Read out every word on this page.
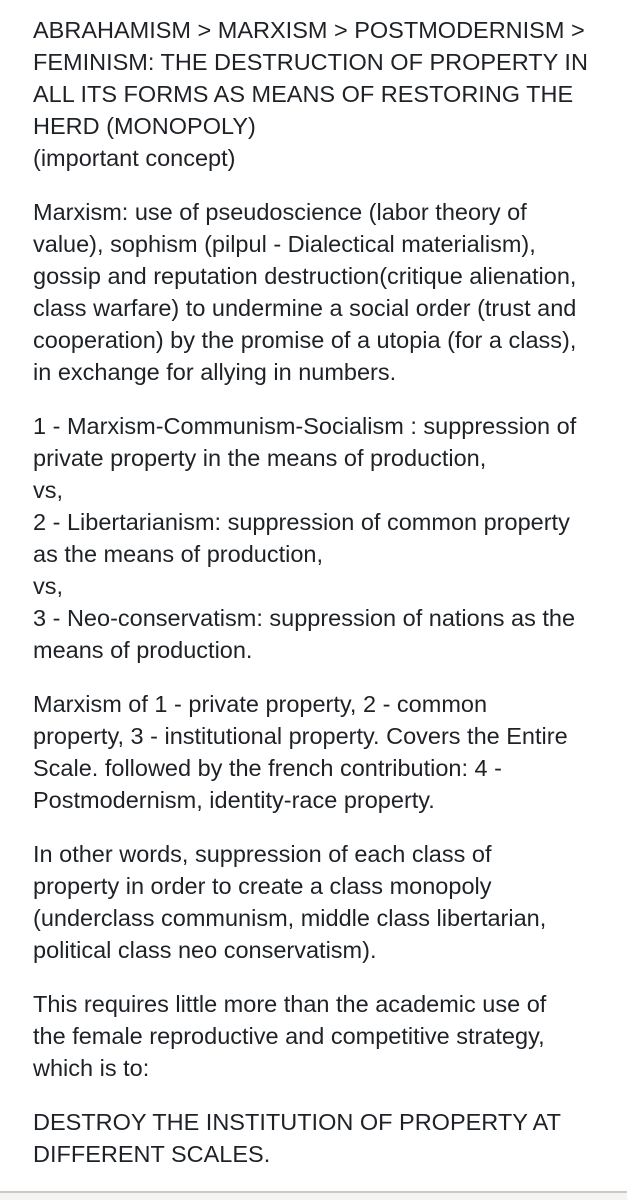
ABRAHAMISM > MARXISM > POSTMODERNISM >
FEMINISM: THE DESTRUCTION OF PROPERTY IN
ALL ITS FORMS AS MEANS OF RESTORING THE
HERD (MONOPOLY)
(important concept)
Marxism: use of pseudoscience (labor theory of
value), sophism (pilpul - Dialectical materialism),
gossip and reputation destruction(critique alienation,
class warfare) to undermine a social order (trust and
cooperation) by the promise of a utopia (for a class),
in exchange for allying in numbers.
1 - Marxism-Communism-Socialism : suppression of
private property in the means of production,
vs,
2 - Libertarianism: suppression of common property
as the means of production,
vs,
3 - Neo-conservatism: suppression of nations as the
means of production.
Marxism of 1 - private property, 2 - common
property, 3 - institutional property. Covers the Entire
Scale. followed by the french contribution: 4 -
Postmodernism, identity-race property.
In other words, suppression of each class of
property in order to create a class monopoly
(underclass communism, middle class libertarian,
political class neo conservatism).
This requires little more than the academic use of
the female reproductive and competitive strategy,
which is to:
DESTROY THE INSTITUTION OF PROPERTY AT
DIFFERENT SCALES.
